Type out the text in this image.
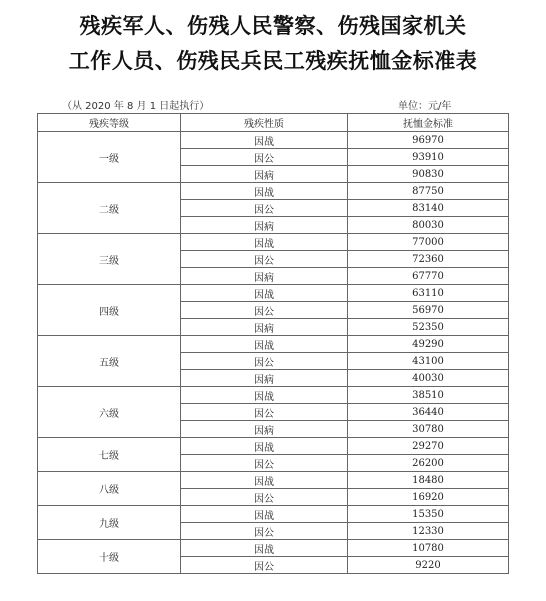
残疾军人、伤残人民警察、伤残国家机关
工作人员、伤残民兵民工残疾抚恤金标准表
（从 2020 年 8 月 1 日起执行）	单位：元/年
残疾等级	残疾性质	抚恤金标准
一级	因战	96970
	因公	93910
	因病	90830
二级	因战	87750
	因公	83140
	因病	80030
三级	因战	77000
	因公	72360
	因病	67770
四级	因战	63110
	因公	56970
	因病	52350
五级	因战	49290
	因公	43100
	因病	40030
六级	因战	38510
	因公	36440
	因病	30780
七级	因战	29270
	因公	26200
八级	因战	18480
	因公	16920
九级	因战	15350
	因公	12330
十级	因战	10780
	因公	9220
